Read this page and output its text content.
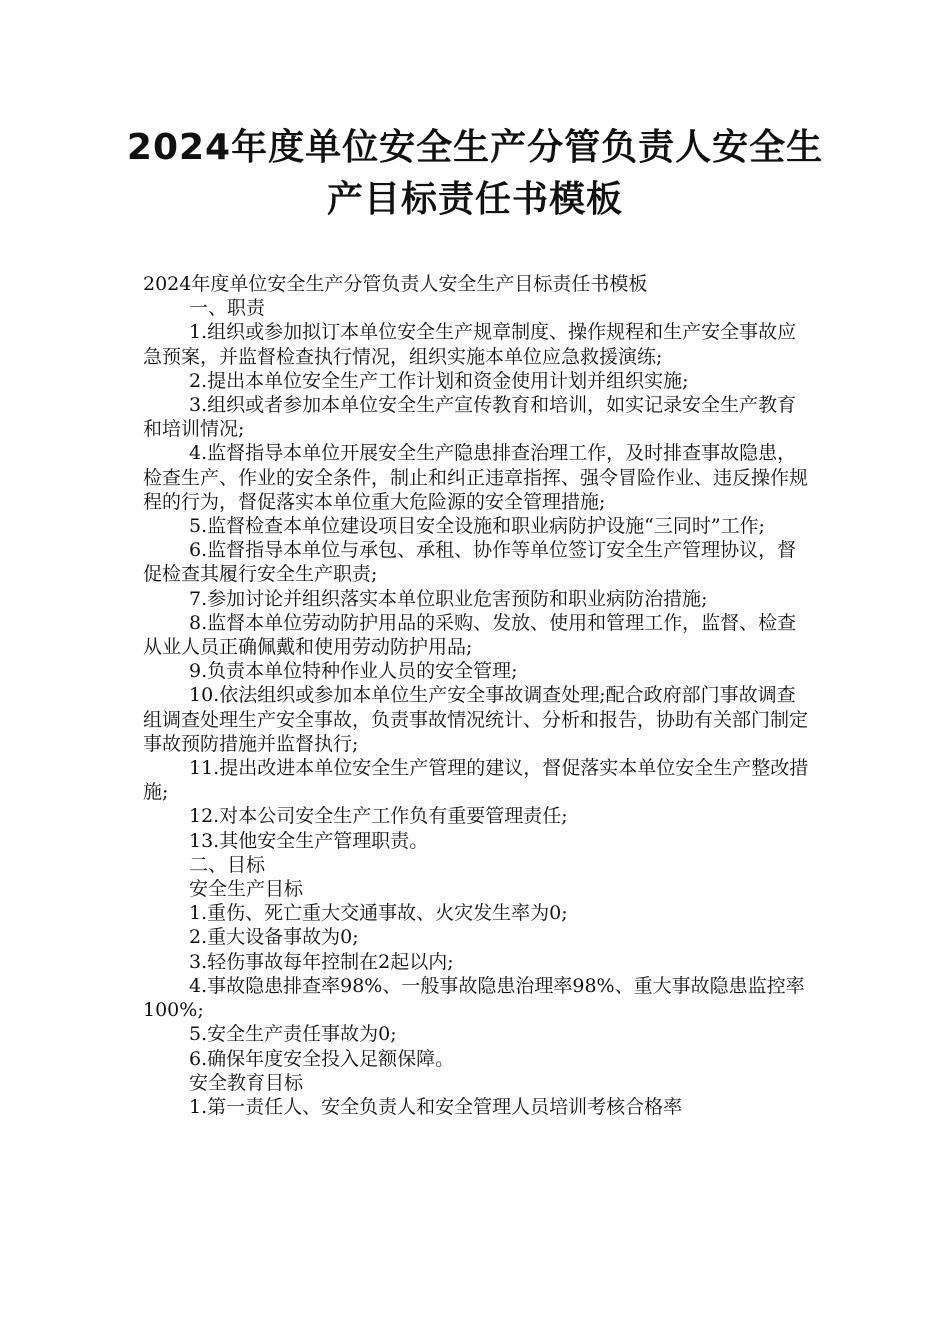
2024年度单位安全生产分管负责人安全生产目标责任书模板

2024年度单位安全生产分管负责人安全生产目标责任书模板

一、职责

1.组织或参加拟订本单位安全生产规章制度、操作规程和生产安全事故应急预案，并监督检查执行情况，组织实施本单位应急救援演练;

2.提出本单位安全生产工作计划和资金使用计划并组织实施;

3.组织或者参加本单位安全生产宣传教育和培训，如实记录安全生产教育和培训情况;

4.监督指导本单位开展安全生产隐患排查治理工作，及时排查事故隐患，检查生产、作业的安全条件，制止和纠正违章指挥、强令冒险作业、违反操作规程的行为，督促落实本单位重大危险源的安全管理措施;

5.监督检查本单位建设项目安全设施和职业病防护设施“三同时”工作;

6.监督指导本单位与承包、承租、协作等单位签订安全生产管理协议，督促检查其履行安全生产职责;

7.参加讨论并组织落实本单位职业危害预防和职业病防治措施;

8.监督本单位劳动防护用品的采购、发放、使用和管理工作，监督、检查从业人员正确佩戴和使用劳动防护用品;

9.负责本单位特种作业人员的安全管理;

10.依法组织或参加本单位生产安全事故调查处理;配合政府部门事故调查组调查处理生产安全事故，负责事故情况统计、分析和报告，协助有关部门制定事故预防措施并监督执行;

11.提出改进本单位安全生产管理的建议，督促落实本单位安全生产整改措施;

12.对本公司安全生产工作负有重要管理责任;

13.其他安全生产管理职责。

二、目标

安全生产目标

1.重伤、死亡重大交通事故、火灾发生率为0;

2.重大设备事故为0;

3.轻伤事故每年控制在2起以内;

4.事故隐患排查率98%、一般事故隐患治理率98%、重大事故隐患监控率100%;

5.安全生产责任事故为0;

6.确保年度安全投入足额保障。

安全教育目标

1.第一责任人、安全负责人和安全管理人员培训考核合格率
